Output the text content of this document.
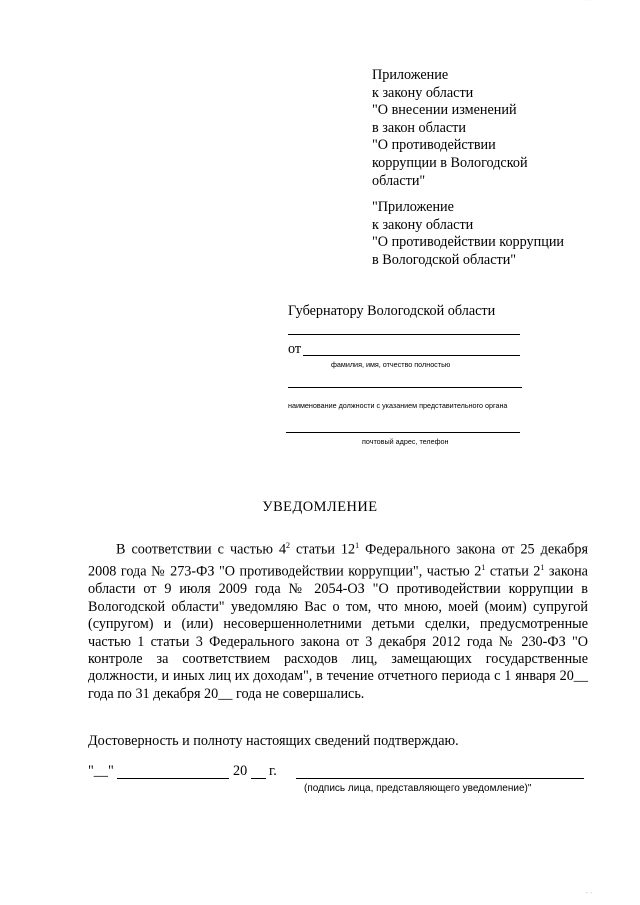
Приложение
к закону области
"О внесении изменений
в закон области
"О противодействии
коррупции в Вологодской
области"
"Приложение
к закону области
"О противодействии коррупции
в Вологодской области"
Губернатору Вологодской области
от
фамилия, имя, отчество полностью
наименование должности с указанием представительного органа
почтовый адрес, телефон
УВЕДОМЛЕНИЕ
В соответствии с частью $4^2$ статьи $12^1$ Федерального закона от 25 декабря 2008 года № 273-ФЗ "О противодействии коррупции", частью $2^1$ статьи $2^1$ закона области от 9 июля 2009 года № 2054-ОЗ "О противодействии коррупции в Вологодской области" уведомляю Вас о том, что мною, моей (моим) супругой (супругом) и (или) несовершеннолетними детьми сделки, предусмотренные частью 1 статьи 3 Федерального закона от 3 декабря 2012 года № 230-ФЗ "О контроле за соответствием расходов лиц, замещающих государственные должности, и иных лиц их доходам", в течение отчетного периода с 1 января 20__ года по 31 декабря 20__ года не совершались.
Достоверность и полноту настоящих сведений подтверждаю.
"__"	20 г.
(подпись лица, представляющего уведомление)"
˙ ˙ ˙
˙ ˙
